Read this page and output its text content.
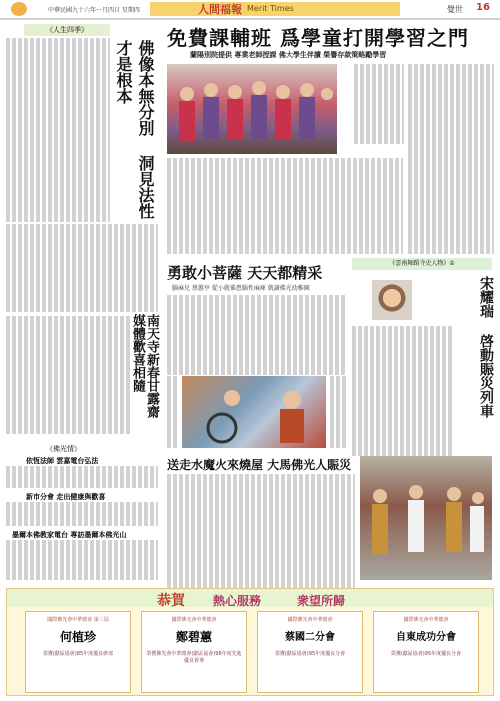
中華民國九十六年一月四日 星期四	人間福報 Merit Times	覺世 16
《人生四季》
佛像本無分別 洞見法性才是根本
南天寺新春甘露齋 媒體歡喜相隨
《佛光情》
依恆法師 雲嘉電台弘法
新市分會 走出健康與歡喜
墨爾本佛教家電台 專訪墨爾本佛光山
免費課輔班 爲學童打開學習之門
蘭陽別院提供 專業老師授課 佛大學生伴讀 榮譽存款策略勵學習
《雲南舞蹈寺史人物》①
宋耀瑞 啓動賑災列車
勇敢小菩薩 天天都精采
腦麻兒 蔡蕙亭 從小就罹患腦性麻痺 就讀佛光幼稚園
送走水魔火來燒屋 大馬佛光人賑災
恭賀 熱心服務	衆望所歸
國際佛光會中華總會 第三屆
何植珍
榮獲(獻區協會)85年度優良幹部
國際佛光會中華總會
鄭碧蕙
榮獲佛光會中華總會(獻區協會)96年度先進優良督導
國際佛光會中華總會
蔡國二分會
榮獲(獻區協會)95年度優良分會
國際佛光會中華總會
自東成功分會
榮獲(獻區協會)95年度優良分會
